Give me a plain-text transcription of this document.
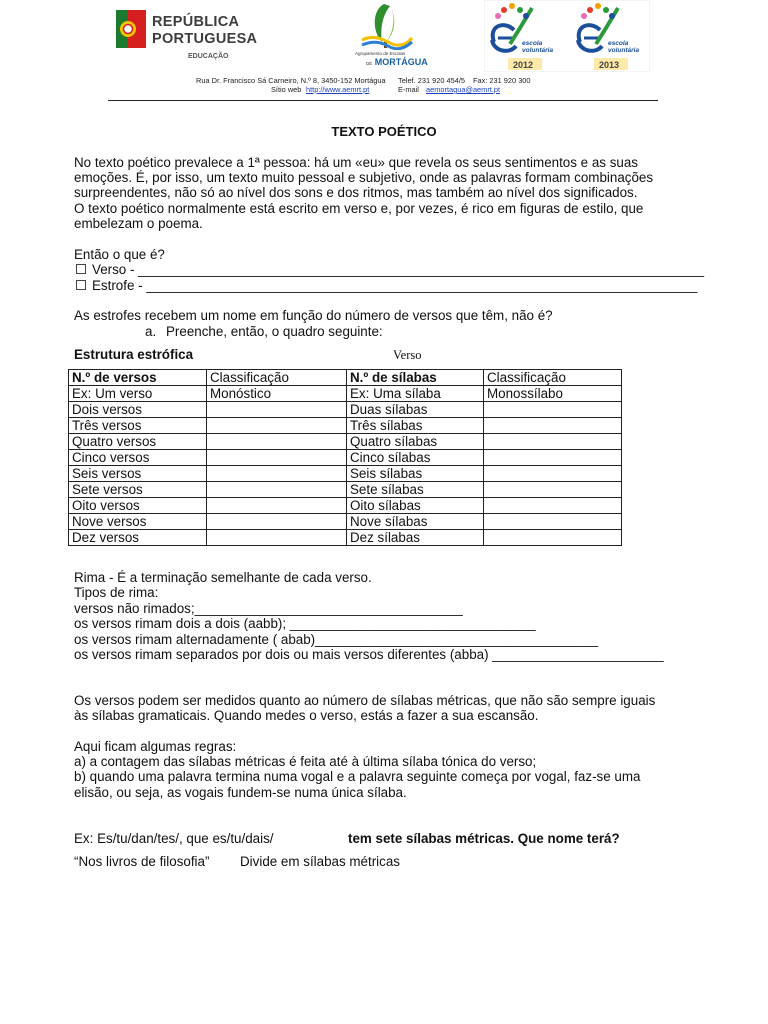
REPÚBLICA
PORTUGUESA
EDUCAÇÃO	Agrupamento de Escolas
DE MORTÁGUA
escola voluntária
escola voluntária
2012	2013
Rua Dr. Francisco Sá Carneiro, N.º 8, 3450-152 Mortágua Telef. 231 920 454/5 Fax: 231 920 300
Sítio web http://www.aemrt.pt	E-mail aemortagua@aemrt.pt
TEXTO POÉTICO
No texto poético prevalece a 1ª pessoa: há um «eu» que revela os seus sentimentos e as suas
emoções. É, por isso, um texto muito pessoal e subjetivo, onde as palavras formam combinações
surpreendentes, não só ao nível dos sons e dos ritmos, mas também ao nível dos significados.
O texto poético normalmente está escrito em verso e, por vezes, é rico em figuras de estilo, que
embelezam o poema.
Então o que é?
Verso - ____________________________________________________________________________
Estrofe - __________________________________________________________________________
As estrofes recebem um nome em função do número de versos que têm, não é?
a. Preenche, então, o quadro seguinte:
Estrutura estrófica	Verso
N.º de versos	Classificação	N.º de sílabas	Classificação
Ex: Um verso	Monóstico	Ex: Uma sílaba	Monossílabo
Dois versos		Duas sílabas	
Três versos		Três sílabas	
Quatro versos		Quatro sílabas	
Cinco versos		Cinco sílabas	
Seis versos		Seis sílabas	
Sete versos		Sete sílabas	
Oito versos		Oito sílabas	
Nove versos		Nove sílabas	
Dez versos		Dez sílabas	
Rima - É a terminação semelhante de cada verso.
Tipos de rima:
versos não rimados;____________________________________
os versos rimam dois a dois (aabb); _________________________________
os versos rimam alternadamente ( abab)______________________________________
os versos rimam separados por dois ou mais versos diferentes (abba) _______________________
Os versos podem ser medidos quanto ao número de sílabas métricas, que não são sempre iguais
às sílabas gramaticais. Quando medes o verso, estás a fazer a sua escansão.
Aqui ficam algumas regras:
a) a contagem das sílabas métricas é feita até à última sílaba tónica do verso;
b) quando uma palavra termina numa vogal e a palavra seguinte começa por vogal, faz-se uma
elisão, ou seja, as vogais fundem-se numa única sílaba.
Ex: Es/tu/dan/tes/, que es/tu/dais/	tem sete sílabas métricas. Que nome terá?
“Nos livros de filosofia” Divide em sílabas métricas
